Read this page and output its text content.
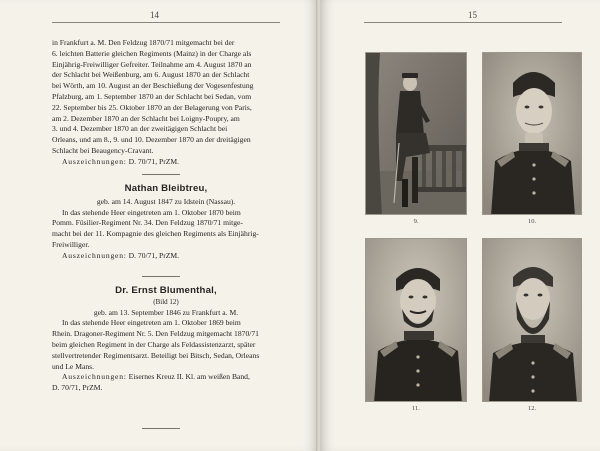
14

in Frankfurt a. M. Den Feldzug 1870/71 mitgemacht bei der

6. leichten Batterie gleichen Regiments (Mainz) in der Charge als

Einjährig-Freiwilliger Gefreiter. Teilnahme am 4. August 1870 an

der Schlacht bei Weißenburg, am 6. August 1870 an der Schlacht

bei Wörth, am 10. August an der Beschießung der Vogesenfestung

Pfalzburg, am 1. September 1870 an der Schlacht bei Sedan, vom

22. September bis 25. Oktober 1870 an der Belagerung von Paris,

am 2. Dezember 1870 an der Schlacht bei Loigny-Poupry, am

3. und 4. Dezember 1870 an der zweitägigen Schlacht bei

Orleans, und am 8., 9. und 10. Dezember 1870 an der dreitägigen

Schlacht bei Beaugency-Cravant.

Auszeichnungen: D. 70/71, PrZM.

Nathan Bleibtreu,

geb. am 14. August 1847 zu Idstein (Nassau).

In das stehende Heer eingetreten am 1. Oktober 1870 beim

Pomm. Füsilier-Regiment Nr. 34. Den Feldzug 1870/71 mitge-

macht bei der 11. Kompagnie des gleichen Regiments als Einjährig-

Freiwilliger.

Auszeichnungen: D. 70/71, PrZM.

Dr. Ernst Blumenthal,

(Bild 12)

geb. am 13. September 1846 zu Frankfurt a. M.

In das stehende Heer eingetreten am 1. Oktober 1869 beim

Rhein. Dragoner-Regiment Nr. 5. Den Feldzug mitgemacht 1870/71

beim gleichen Regiment in der Charge als Feldassistenzarzt, später

stellvertretender Regimentsarzt. Beteiligt bei Bitsch, Sedan, Orleans

und Le Mans.

Auszeichnungen: Eisernes Kreuz II. Kl. am weißen Band,

D. 70/71, PrZM.

15
9.	10.
11.	12.
